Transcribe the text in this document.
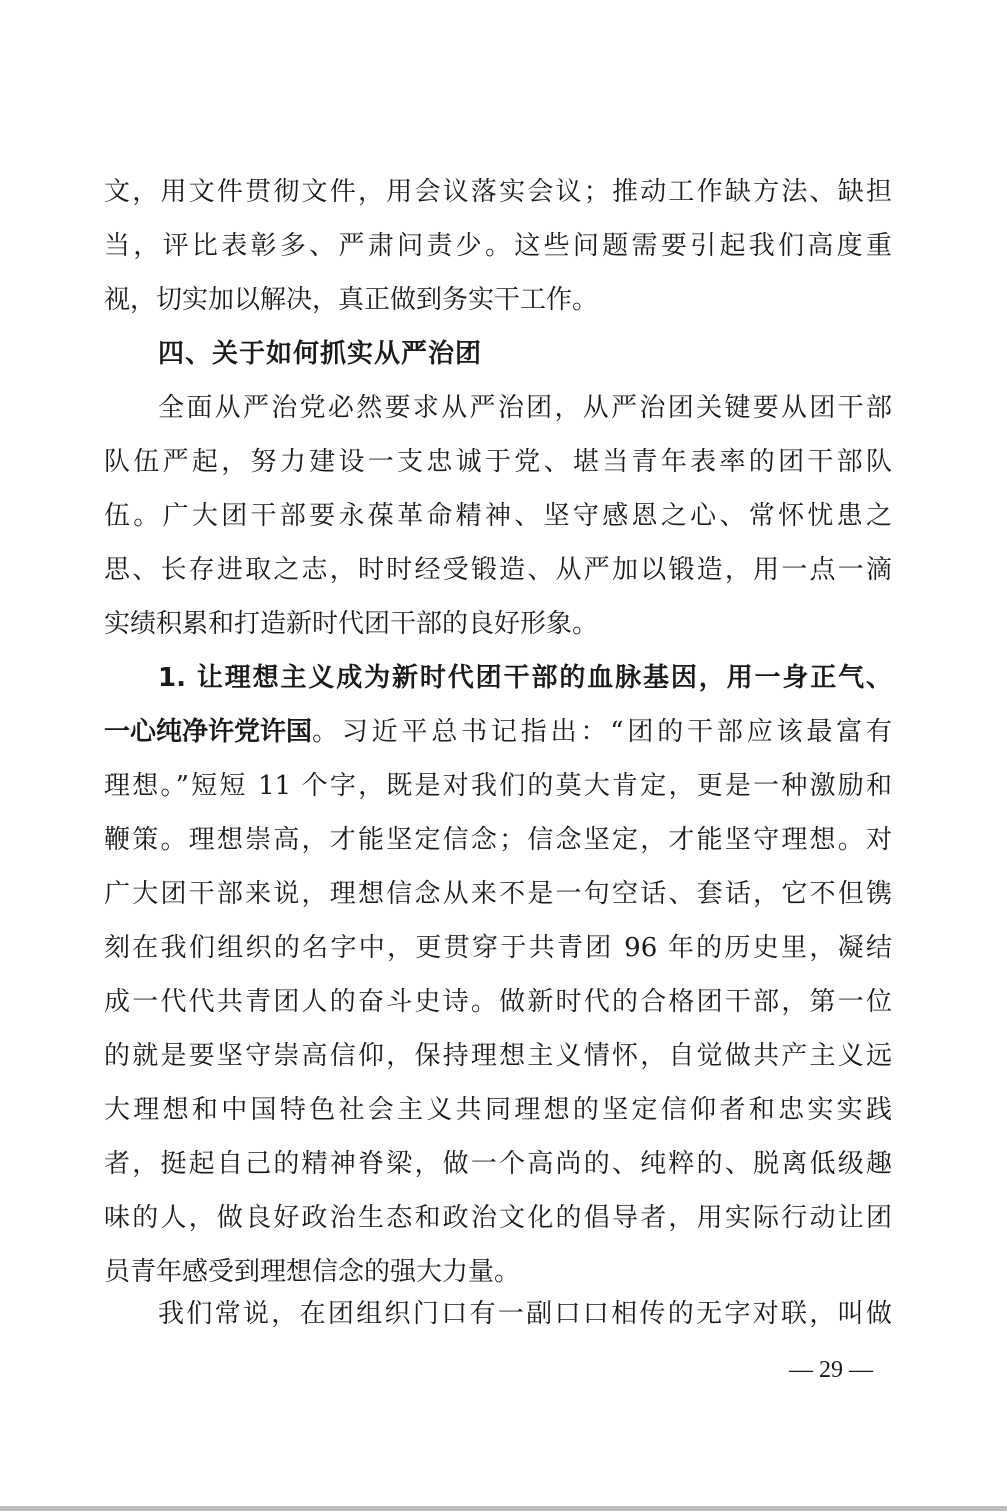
文，用文件贯彻文件，用会议落实会议；推动工作缺方法、缺担
当，评比表彰多、严肃问责少。这些问题需要引起我们高度重
视，切实加以解决，真正做到务实干工作。
四、关于如何抓实从严治团
全面从严治党必然要求从严治团，从严治团关键要从团干部
队伍严起，努力建设一支忠诚于党、堪当青年表率的团干部队
伍。广大团干部要永葆革命精神、坚守感恩之心、常怀忧患之
思、长存进取之志，时时经受锻造、从严加以锻造，用一点一滴
实绩积累和打造新时代团干部的良好形象。
1. 让理想主义成为新时代团干部的血脉基因，用一身正气、
一心纯净许党许国 。习近平总书记指出：“团的干部应该最富有
理想。”短短 11 个字，既是对我们的莫大肯定，更是一种激励和
鞭策。理想崇高，才能坚定信念；信念坚定，才能坚守理想。对
广大团干部来说，理想信念从来不是一句空话、套话，它不但镌
刻在我们组织的名字中，更贯穿于共青团 96 年的历史里，凝结
成一代代共青团人的奋斗史诗。做新时代的合格团干部，第一位
的就是要坚守崇高信仰，保持理想主义情怀，自觉做共产主义远
大理想和中国特色社会主义共同理想的坚定信仰者和忠实实践
者，挺起自己的精神脊梁，做一个高尚的、纯粹的、脱离低级趣
味的人，做良好政治生态和政治文化的倡导者，用实际行动让团
员青年感受到理想信念的强大力量。
我们常说，在团组织门口有一副口口相传的无字对联，叫做
— 29 —
